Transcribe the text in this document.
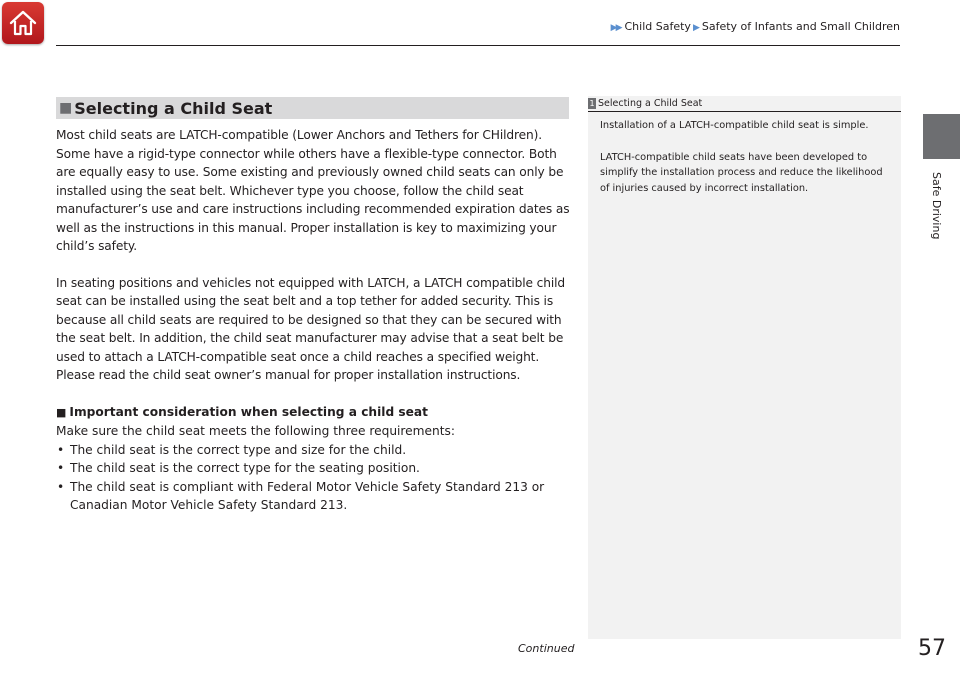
▶▶ Child Safety ▶ Safety of Infants and Small Children
Safe Driving
■ Selecting a Child Seat

Most child seats are LATCH-compatible (Lower Anchors and Tethers for CHildren). Some have a rigid-type connector while others have a flexible-type connector. Both are equally easy to use. Some existing and previously owned child seats can only be installed using the seat belt. Whichever type you choose, follow the child seat manufacturer’s use and care instructions including recommended expiration dates as well as the instructions in this manual. Proper installation is key to maximizing your child’s safety.

In seating positions and vehicles not equipped with LATCH, a LATCH compatible child seat can be installed using the seat belt and a top tether for added security. This is because all child seats are required to be designed so that they can be secured with the seat belt. In addition, the child seat manufacturer may advise that a seat belt be used to attach a LATCH-compatible seat once a child reaches a specified weight. Please read the child seat owner’s manual for proper installation instructions.

■ Important consideration when selecting a child seat
Make sure the child seat meets the following three requirements:
• The child seat is the correct type and size for the child.
• The child seat is the correct type for the seating position.
• The child seat is compliant with Federal Motor Vehicle Safety Standard 213 or Canadian Motor Vehicle Safety Standard 213.
1 Selecting a Child Seat

Installation of a LATCH-compatible child seat is simple.

LATCH-compatible child seats have been developed to simplify the installation process and reduce the likelihood of injuries caused by incorrect installation.

Continued	57
